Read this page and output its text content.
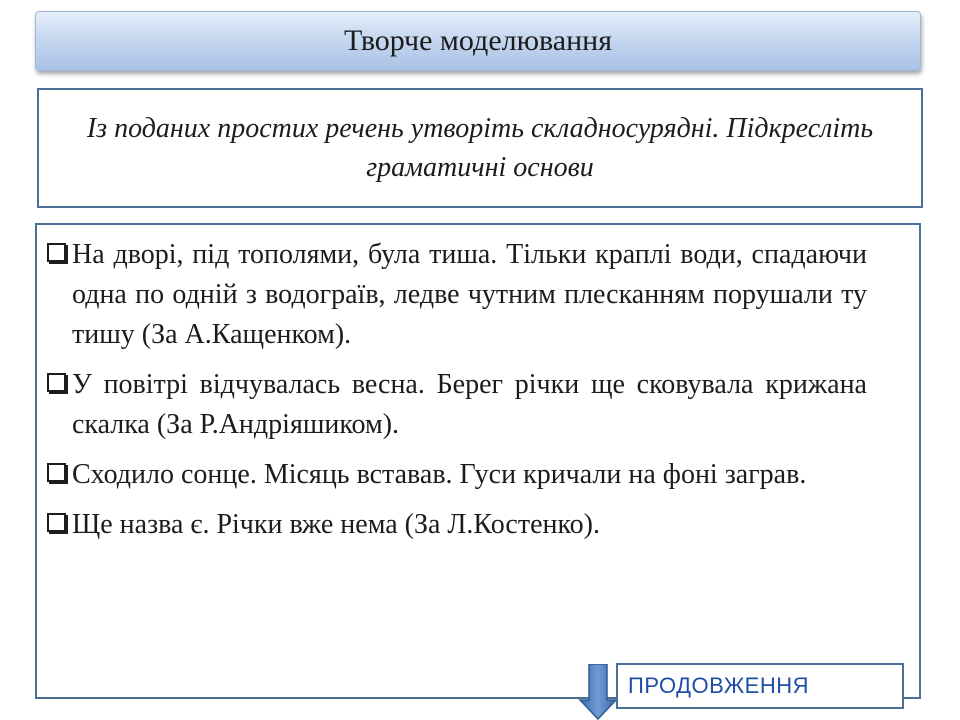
Творче моделювання
Із поданих простих речень утворіть складносурядні. Підкресліть граматичні основи
На дворі, під тополями, була тиша. Тільки краплі води, спадаючи одна по одній з водограїв, ледве чутним плесканням порушали ту тишу (За А.Кащенком).
У повітрі відчувалась весна. Берег річки ще сковувала крижана скалка (За Р.Андріяшиком).
Сходило сонце. Місяць вставав. Гуси кричали на фоні заграв.
Ще назва є. Річки вже нема (За Л.Костенко).
ПРОДОВЖЕННЯ
